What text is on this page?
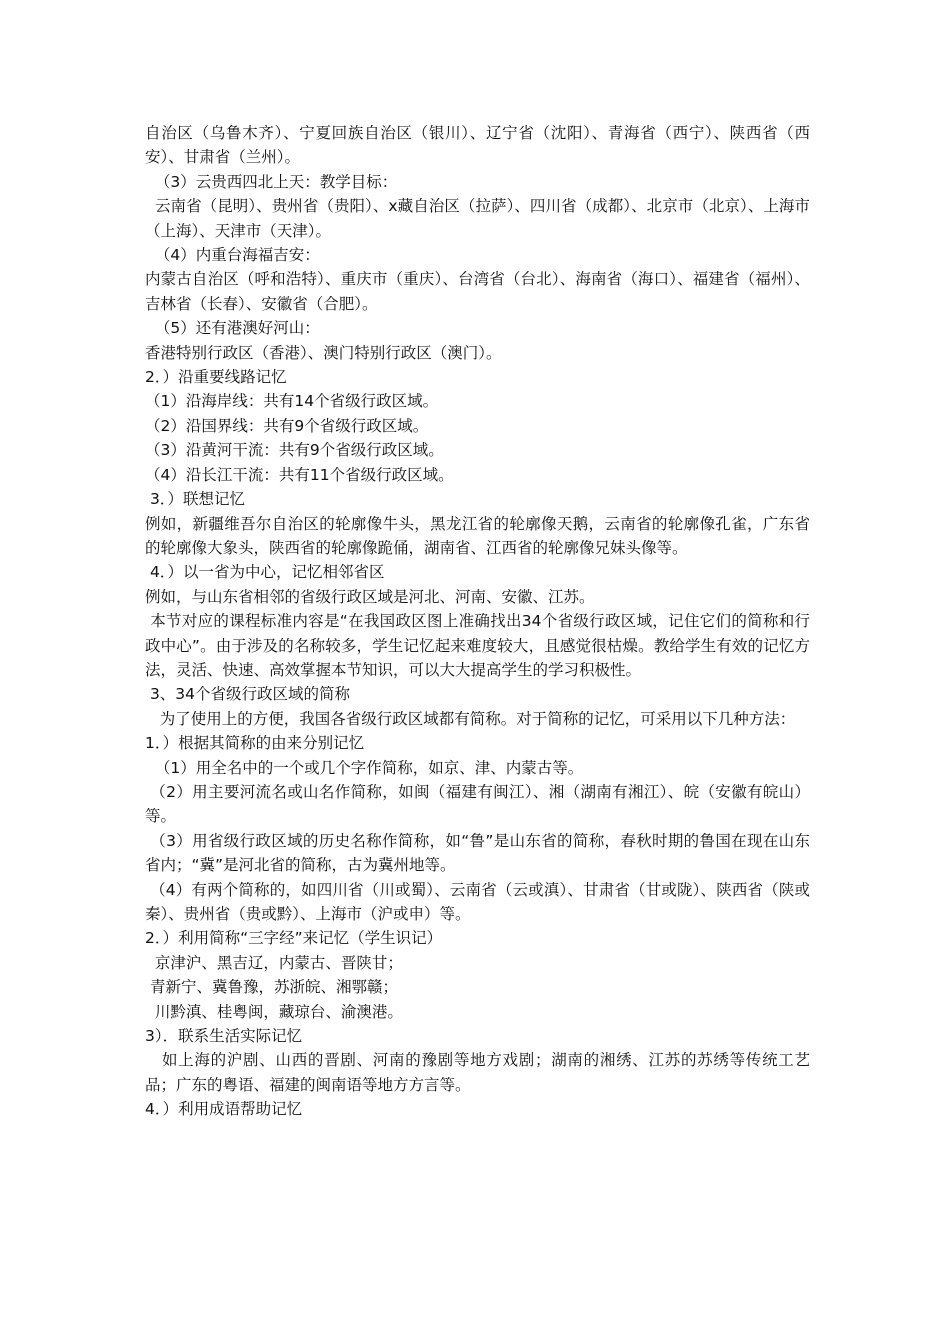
自治区（乌鲁木齐）、宁夏回族自治区（银川）、辽宁省（沈阳）、青海省（西宁）、陕西省（西安）、甘肃省（兰州）。

（3）云贵西四北上天：教学目标：

云南省（昆明）、贵州省（贵阳）、x藏自治区（拉萨）、四川省（成都）、北京市（北京）、上海市（上海）、天津市（天津）。

（4）内重台海福吉安：

内蒙古自治区（呼和浩特）、重庆市（重庆）、台湾省（台北）、海南省（海口）、福建省（福州）、吉林省（长春）、安徽省（合肥）。

（5）还有港澳好河山：

香港特别行政区（香港）、澳门特别行政区（澳门）。

2．）沿重要线路记忆

（1）沿海岸线：共有14个省级行政区域。

（2）沿国界线：共有9个省级行政区域。

（3）沿黄河干流：共有9个省级行政区域。

（4）沿长江干流：共有11个省级行政区域。

3．）联想记忆

例如，新疆维吾尔自治区的轮廓像牛头，黑龙江省的轮廓像天鹅，云南省的轮廓像孔雀，广东省的轮廓像大象头，陕西省的轮廓像跪俑，湖南省、江西省的轮廓像兄妹头像等。

4．）以一省为中心，记忆相邻省区

例如，与山东省相邻的省级行政区域是河北、河南、安徽、江苏。

本节对应的课程标准内容是“在我国政区图上准确找出34个省级行政区域，记住它们的简称和行政中心”。由于涉及的名称较多，学生记忆起来难度较大，且感觉很枯燥。教给学生有效的记忆方法，灵活、快速、高效掌握本节知识，可以大大提高学生的学习积极性。

3、34个省级行政区域的简称

为了使用上的方便，我国各省级行政区域都有简称。对于简称的记忆，可采用以下几种方法：

1．）根据其简称的由来分别记忆

（1）用全名中的一个或几个字作简称，如京、津、内蒙古等。

（2）用主要河流名或山名作简称，如闽（福建有闽江）、湘（湖南有湘江）、皖（安徽有皖山）等。

（3）用省级行政区域的历史名称作简称，如“鲁”是山东省的简称，春秋时期的鲁国在现在山东省内；“冀”是河北省的简称，古为冀州地等。

（4）有两个简称的，如四川省（川或蜀）、云南省（云或滇）、甘肃省（甘或陇）、陕西省（陕或秦）、贵州省（贵或黔）、上海市（沪或申）等。

2．）利用简称“三字经”来记忆（学生识记）

京津沪、黑吉辽，内蒙古、晋陕甘；

青新宁、冀鲁豫，苏浙皖、湘鄂赣；

川黔滇、桂粤闽，藏琼台、渝澳港。

3）．联系生活实际记忆

如上海的沪剧、山西的晋剧、河南的豫剧等地方戏剧；湖南的湘绣、江苏的苏绣等传统工艺品；广东的粤语、福建的闽南语等地方方言等。

4．）利用成语帮助记忆
